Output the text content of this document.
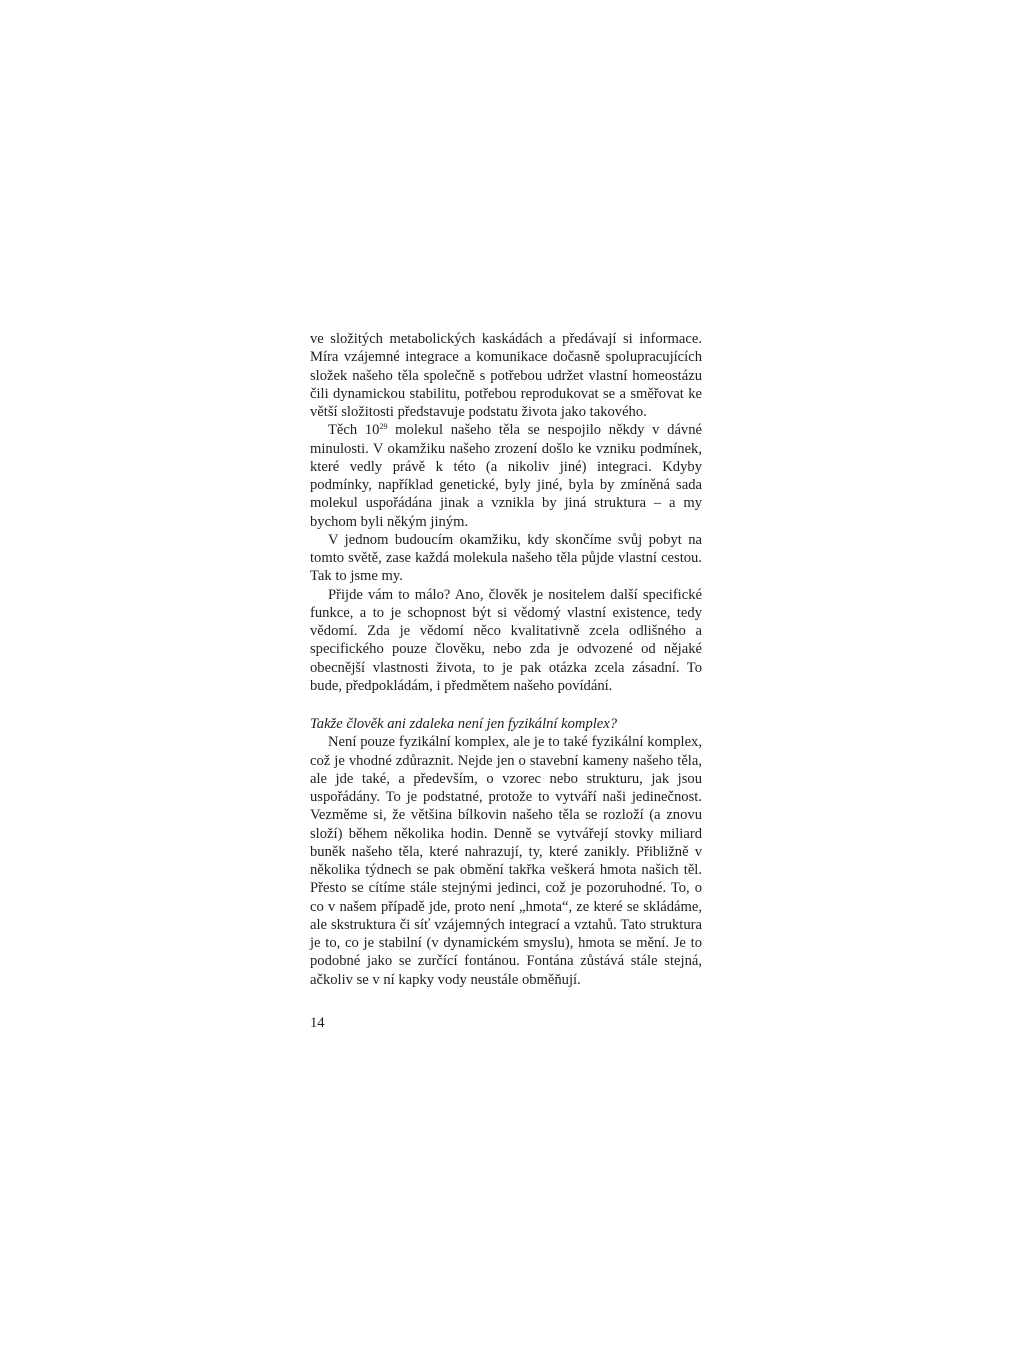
ve složitých metabolických kaskádách a předávají si informace. Míra vzájemné integrace a komunikace dočasně spolupracujících složek našeho těla společně s potřebou udržet vlastní homeostázu čili dynamickou stabilitu, potřebou reprodukovat se a směřovat ke větší složitosti představuje podstatu života jako takového.

Těch $10^{29}$ molekul našeho těla se nespojilo někdy v dávné minulosti. V okamžiku našeho zrození došlo ke vzniku podmínek, které vedly právě k této (a nikoliv jiné) integraci. Kdyby podmínky, například genetické, byly jiné, byla by zmíněná sada molekul uspořádána jinak a vznikla by jiná struktura – a my bychom byli někým jiným.

V jednom budoucím okamžiku, kdy skončíme svůj pobyt na tomto světě, zase každá molekula našeho těla půjde vlastní cestou. Tak to jsme my.

Přijde vám to málo? Ano, člověk je nositelem další specifické funkce, a to je schopnost být si vědomý vlastní existence, tedy vědomí. Zda je vědomí něco kvalitativně zcela odlišného a specifického pouze člověku, nebo zda je odvozené od nějaké obecnější vlastnosti života, to je pak otázka zcela zásadní. To bude, předpokládám, i předmětem našeho povídání.

Takže člověk ani zdaleka není jen fyzikální komplex?

Není pouze fyzikální komplex, ale je to také fyzikální komplex, což je vhodné zdůraznit. Nejde jen o stavební kameny našeho těla, ale jde také, a především, o vzorec nebo strukturu, jak jsou uspořádány. To je podstatné, protože to vytváří naši jedinečnost. Vezměme si, že většina bílkovin našeho těla se rozloží (a znovu složí) během několika hodin. Denně se vytvářejí stovky miliard buněk našeho těla, které nahrazují, ty, které zanikly. Přibližně v několika týdnech se pak obmění takřka veškerá hmota našich těl. Přesto se cítíme stále stejnými jedinci, což je pozoruhodné. To, o co v našem případě jde, proto není „hmota“, ze které se skládáme, ale skstruktura či síť vzájemných integrací a vztahů. Tato struktura je to, co je stabilní (v dynamickém smyslu), hmota se mění. Je to podobné jako se zurčící fontánou. Fontána zůstává stále stejná, ačkoliv se v ní kapky vody neustále obměňují.

14
